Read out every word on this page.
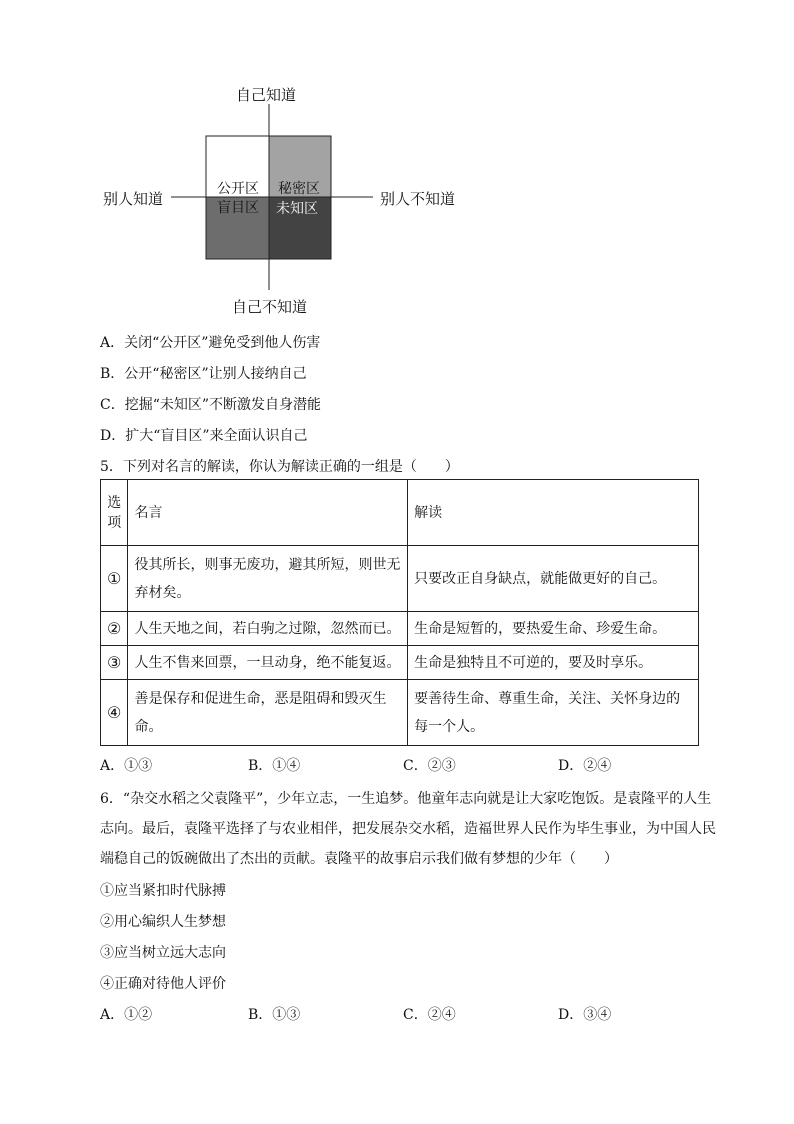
自己知道
自己不知道
别人知道	别人不知道
公开区
盲目区
秘密区
未知区
A．关闭“公开区”避免受到他人伤害
B．公开“秘密区”让别人接纳自己
C．挖掘“未知区”不断激发自身潜能
D．扩大“盲目区”来全面认识自己
5．下列对名言的解读，你认为解读正确的一组是（　　）
选
项	名言	解读
①	役其所长，则事无废功，避其所短，则世无弃材矣。	只要改正自身缺点，就能做更好的自己。
②	人生天地之间，若白驹之过隙，忽然而已。	生命是短暂的，要热爱生命、珍爱生命。
③	人生不售来回票，一旦动身，绝不能复返。	生命是独特且不可逆的，要及时享乐。
④	善是保存和促进生命，恶是阻碍和毁灭生命。	要善待生命、尊重生命，关注、关怀身边的每一个人。
A．①③	B．①④	C．②③	D．②④
6．“杂交水稻之父袁隆平”，少年立志，一生追梦。他童年志向就是让大家吃饱饭。是袁隆平的人生
志向。最后，袁隆平选择了与农业相伴，把发展杂交水稻，造福世界人民作为毕生事业，为中国人民
端稳自己的饭碗做出了杰出的贡献。袁隆平的故事启示我们做有梦想的少年（　　）
①应当紧扣时代脉搏
②用心编织人生梦想
③应当树立远大志向
④正确对待他人评价
A．①②	B．①③	C．②④	D．③④
